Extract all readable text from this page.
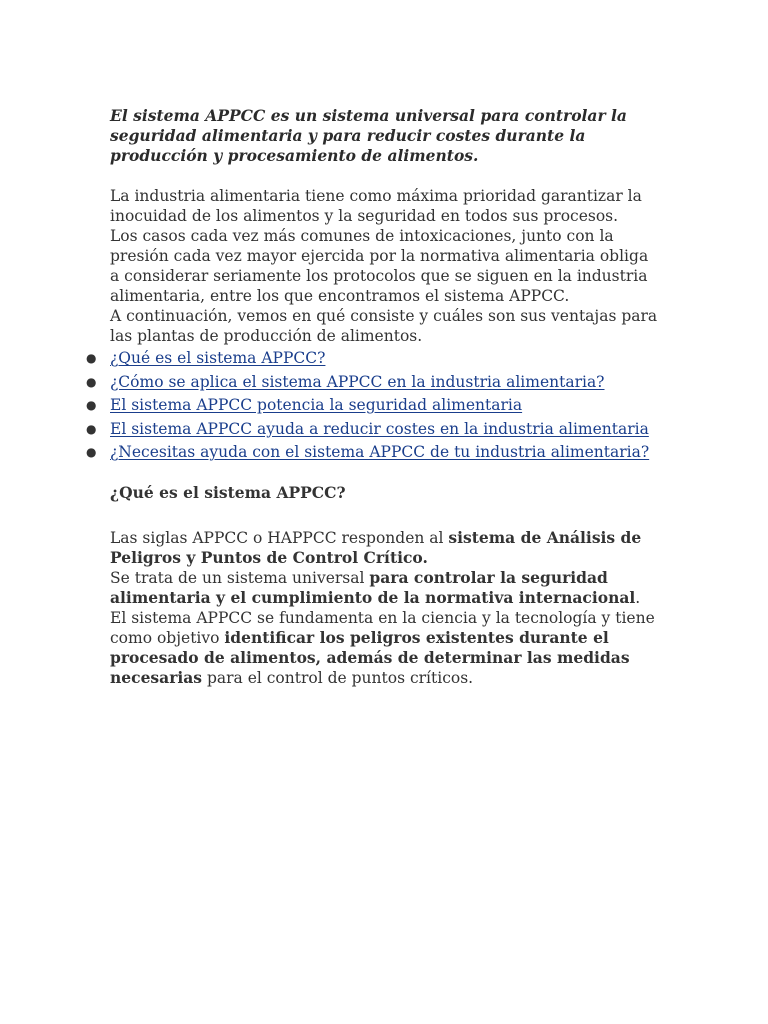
El sistema APPCC es un sistema universal para controlar la seguridad alimentaria y para reducir costes durante la producción y procesamiento de alimentos.

La industria alimentaria tiene como máxima prioridad garantizar la inocuidad de los alimentos y la seguridad en todos sus procesos.

Los casos cada vez más comunes de intoxicaciones, junto con la presión cada vez mayor ejercida por la normativa alimentaria obliga a considerar seriamente los protocolos que se siguen en la industria alimentaria, entre los que encontramos el sistema APPCC.

A continuación, vemos en qué consiste y cuáles son sus ventajas para las plantas de producción de alimentos.

● ¿Qué es el sistema APPCC?
● ¿Cómo se aplica el sistema APPCC en la industria alimentaria?
● El sistema APPCC potencia la seguridad alimentaria
● El sistema APPCC ayuda a reducir costes en la industria alimentaria
● ¿Necesitas ayuda con el sistema APPCC de tu industria alimentaria?

¿Qué es el sistema APPCC?

Las siglas APPCC o HAPPCC responden al sistema de Análisis de Peligros y Puntos de Control Crítico.

Se trata de un sistema universal para controlar la seguridad alimentaria y el cumplimiento de la normativa internacional.

El sistema APPCC se fundamenta en la ciencia y la tecnología y tiene como objetivo identificar los peligros existentes durante el procesado de alimentos, además de determinar las medidas necesarias para el control de puntos críticos.
